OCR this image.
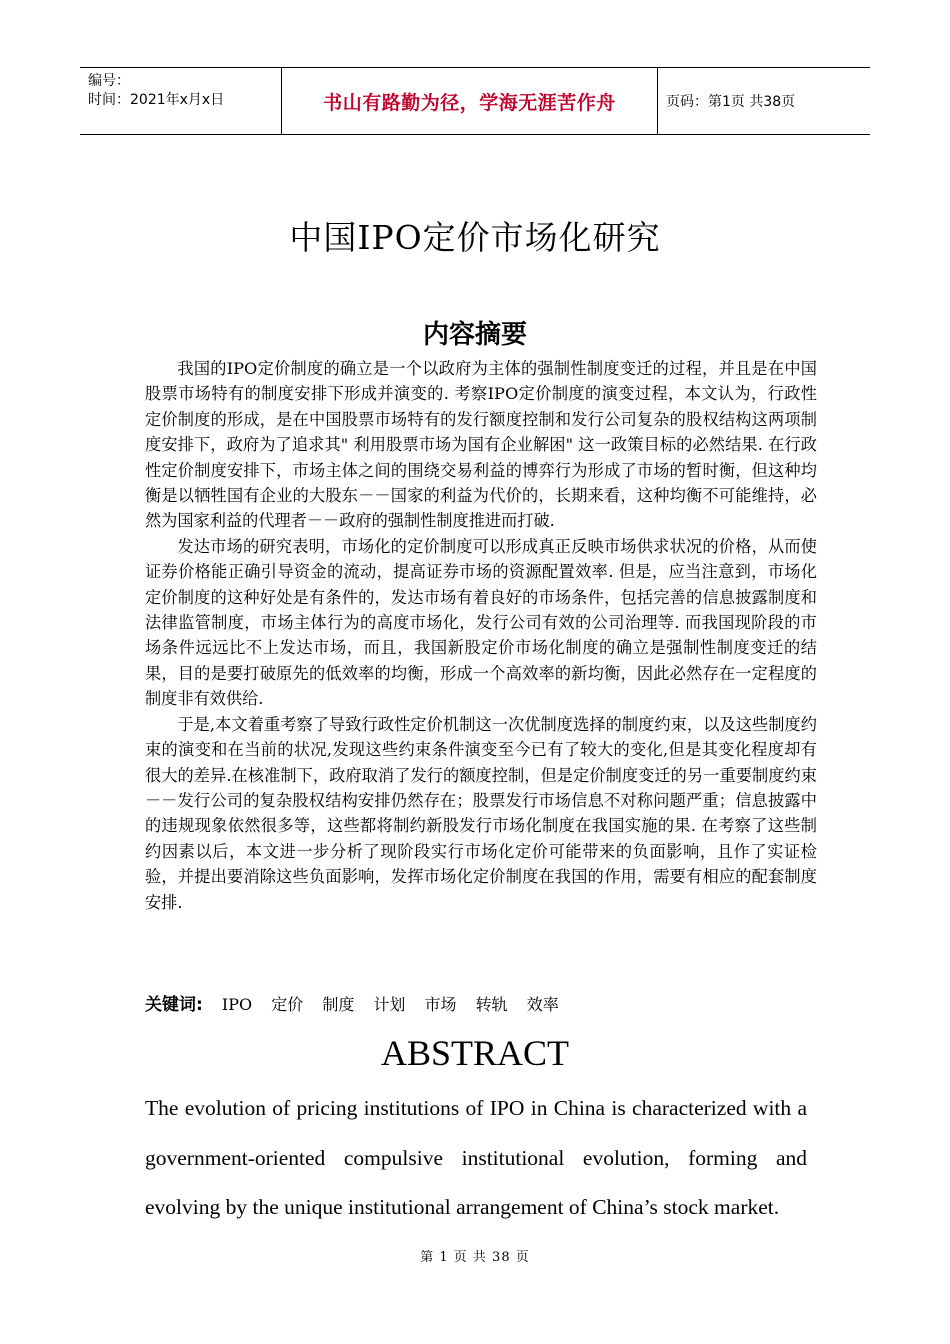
编号：
时间：2021年x月x日	书山有路勤为径，学海无涯苦作舟	页码：第1页 共38页
中国IPO定价市场化研究
内容摘要

我国的IPO定价制度的确立是一个以政府为主体的强制性制度变迁的过程，并且是在中国股票市场特有的制度安排下形成并演变的. 考察IPO定价制度的演变过程，本文认为，行政性定价制度的形成，是在中国股票市场特有的发行额度控制和发行公司复杂的股权结构这两项制度安排下，政府为了追求其" 利用股票市场为国有企业解困" 这一政策目标的必然结果. 在行政性定价制度安排下，市场主体之间的围绕交易利益的博弈行为形成了市场的暂时衡，但这种均衡是以牺牲国有企业的大股东－－国家的利益为代价的，长期来看，这种均衡不可能维持，必然为国家利益的代理者－－政府的强制性制度推进而打破.

发达市场的研究表明，市场化的定价制度可以形成真正反映市场供求状况的价格，从而使证券价格能正确引导资金的流动，提高证券市场的资源配置效率. 但是，应当注意到，市场化定价制度的这种好处是有条件的，发达市场有着良好的市场条件，包括完善的信息披露制度和法律监管制度，市场主体行为的高度市场化，发行公司有效的公司治理等. 而我国现阶段的市场条件远远比不上发达市场，而且，我国新股定价市场化制度的确立是强制性制度变迁的结果，目的是要打破原先的低效率的均衡，形成一个高效率的新均衡，因此必然存在一定程度的制度非有效供给.

于是,本文着重考察了导致行政性定价机制这一次优制度选择的制度约束，以及这些制度约束的演变和在当前的状况,发现这些约束条件演变至今已有了较大的变化,但是其变化程度却有很大的差异.在核准制下，政府取消了发行的额度控制，但是定价制度变迁的另一重要制度约束－－发行公司的复杂股权结构安排仍然存在；股票发行市场信息不对称问题严重；信息披露中的违规现象依然很多等，这些都将制约新股发行市场化制度在我国实施的果. 在考察了这些制约因素以后，本文进一步分析了现阶段实行市场化定价可能带来的负面影响，且作了实证检验，并提出要消除这些负面影响，发挥市场化定价制度在我国的作用，需要有相应的配套制度安排.

关键词: IPO 定价 制度 计划 市场 转轨 效率
ABSTRACT

The evolution of pricing institutions of IPO in China is characterized with a government-oriented compulsive institutional evolution, forming and evolving by the unique institutional arrangement of China’s stock market.

第 1 页 共 38 页
